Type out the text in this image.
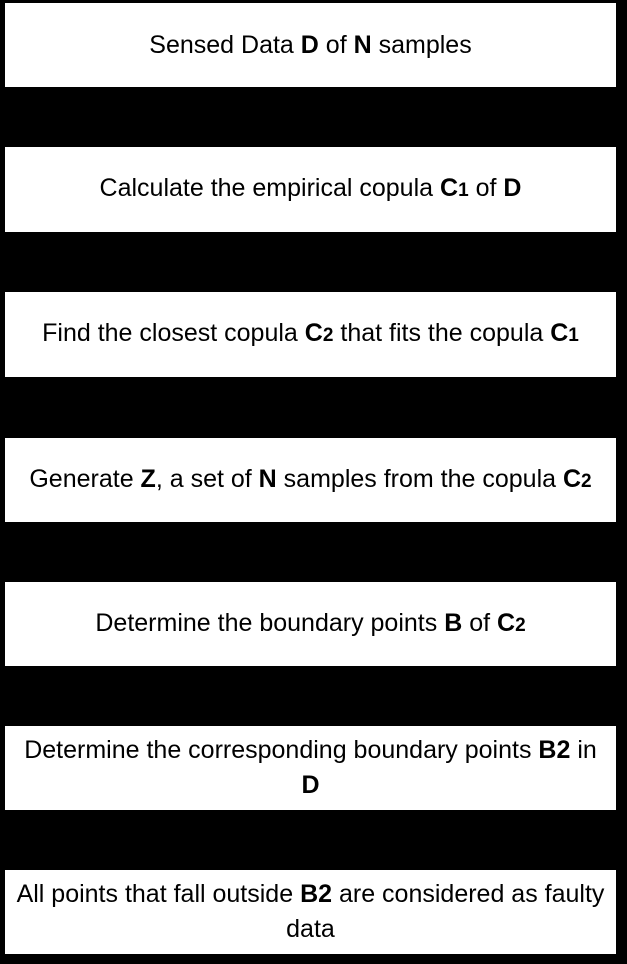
Sensed Data D of N samples

Calculate the empirical copula C1 of D

Find the closest copula C2 that fits the copula C1

Generate Z, a set of N samples from the copula C2

Determine the boundary points B of C2

Determine the corresponding boundary points B2 in D

All points that fall outside B2 are considered as faulty data
